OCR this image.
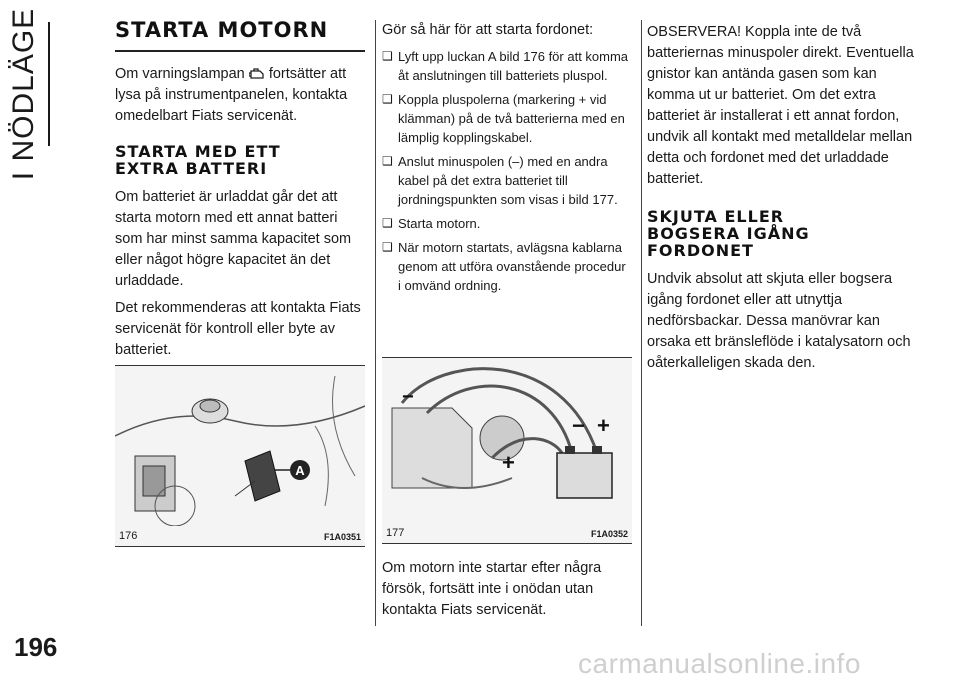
I NÖDLÄGE
196
carmanualsonline.info
STARTA MOTORN

Om varningslampan fortsätter att lysa på instrumentpanelen, kontakta omedelbart Fiats servicenät.

STARTA MED ETT EXTRA BATTERI

Om batteriet är urladdat går det att starta motorn med ett annat batteri som har minst samma kapacitet som eller något högre kapacitet än det urladdade.

Det rekommenderas att kontakta Fiats servicenät för kontroll eller byte av batteriet.

A
176	F1A0351

Gör så här för att starta fordonet:

❑ Lyft upp luckan A bild 176 för att komma åt anslutningen till batteriets pluspol.
❑ Koppla pluspolerna (markering + vid klämman) på de två batterierna med en lämplig kopplingskabel.
❑ Anslut minuspolen (–) med en andra kabel på det extra batteriet till jordningspunkten som visas i bild 177.
❑ Starta motorn.
❑ När motorn startats, avlägsna kablarna genom att utföra ovanstående procedur i omvänd ordning.
− +
−
+
177	F1A0352

Om motorn inte startar efter några försök, fortsätt inte i onödan utan kontakta Fiats servicenät.

OBSERVERA! Koppla inte de två batteriernas minuspoler direkt. Eventuella gnistor kan antända gasen som kan komma ut ur batteriet. Om det extra batteriet är installerat i ett annat fordon, undvik all kontakt med metalldelar mellan detta och fordonet med det urladdade batteriet.

SKJUTA ELLER BOGSERA IGÅNG FORDONET

Undvik absolut att skjuta eller bogsera igång fordonet eller att utnyttja nedförsbackar. Dessa manövrar kan orsaka ett bränsleflöde i katalysatorn och oåterkalleligen skada den.
